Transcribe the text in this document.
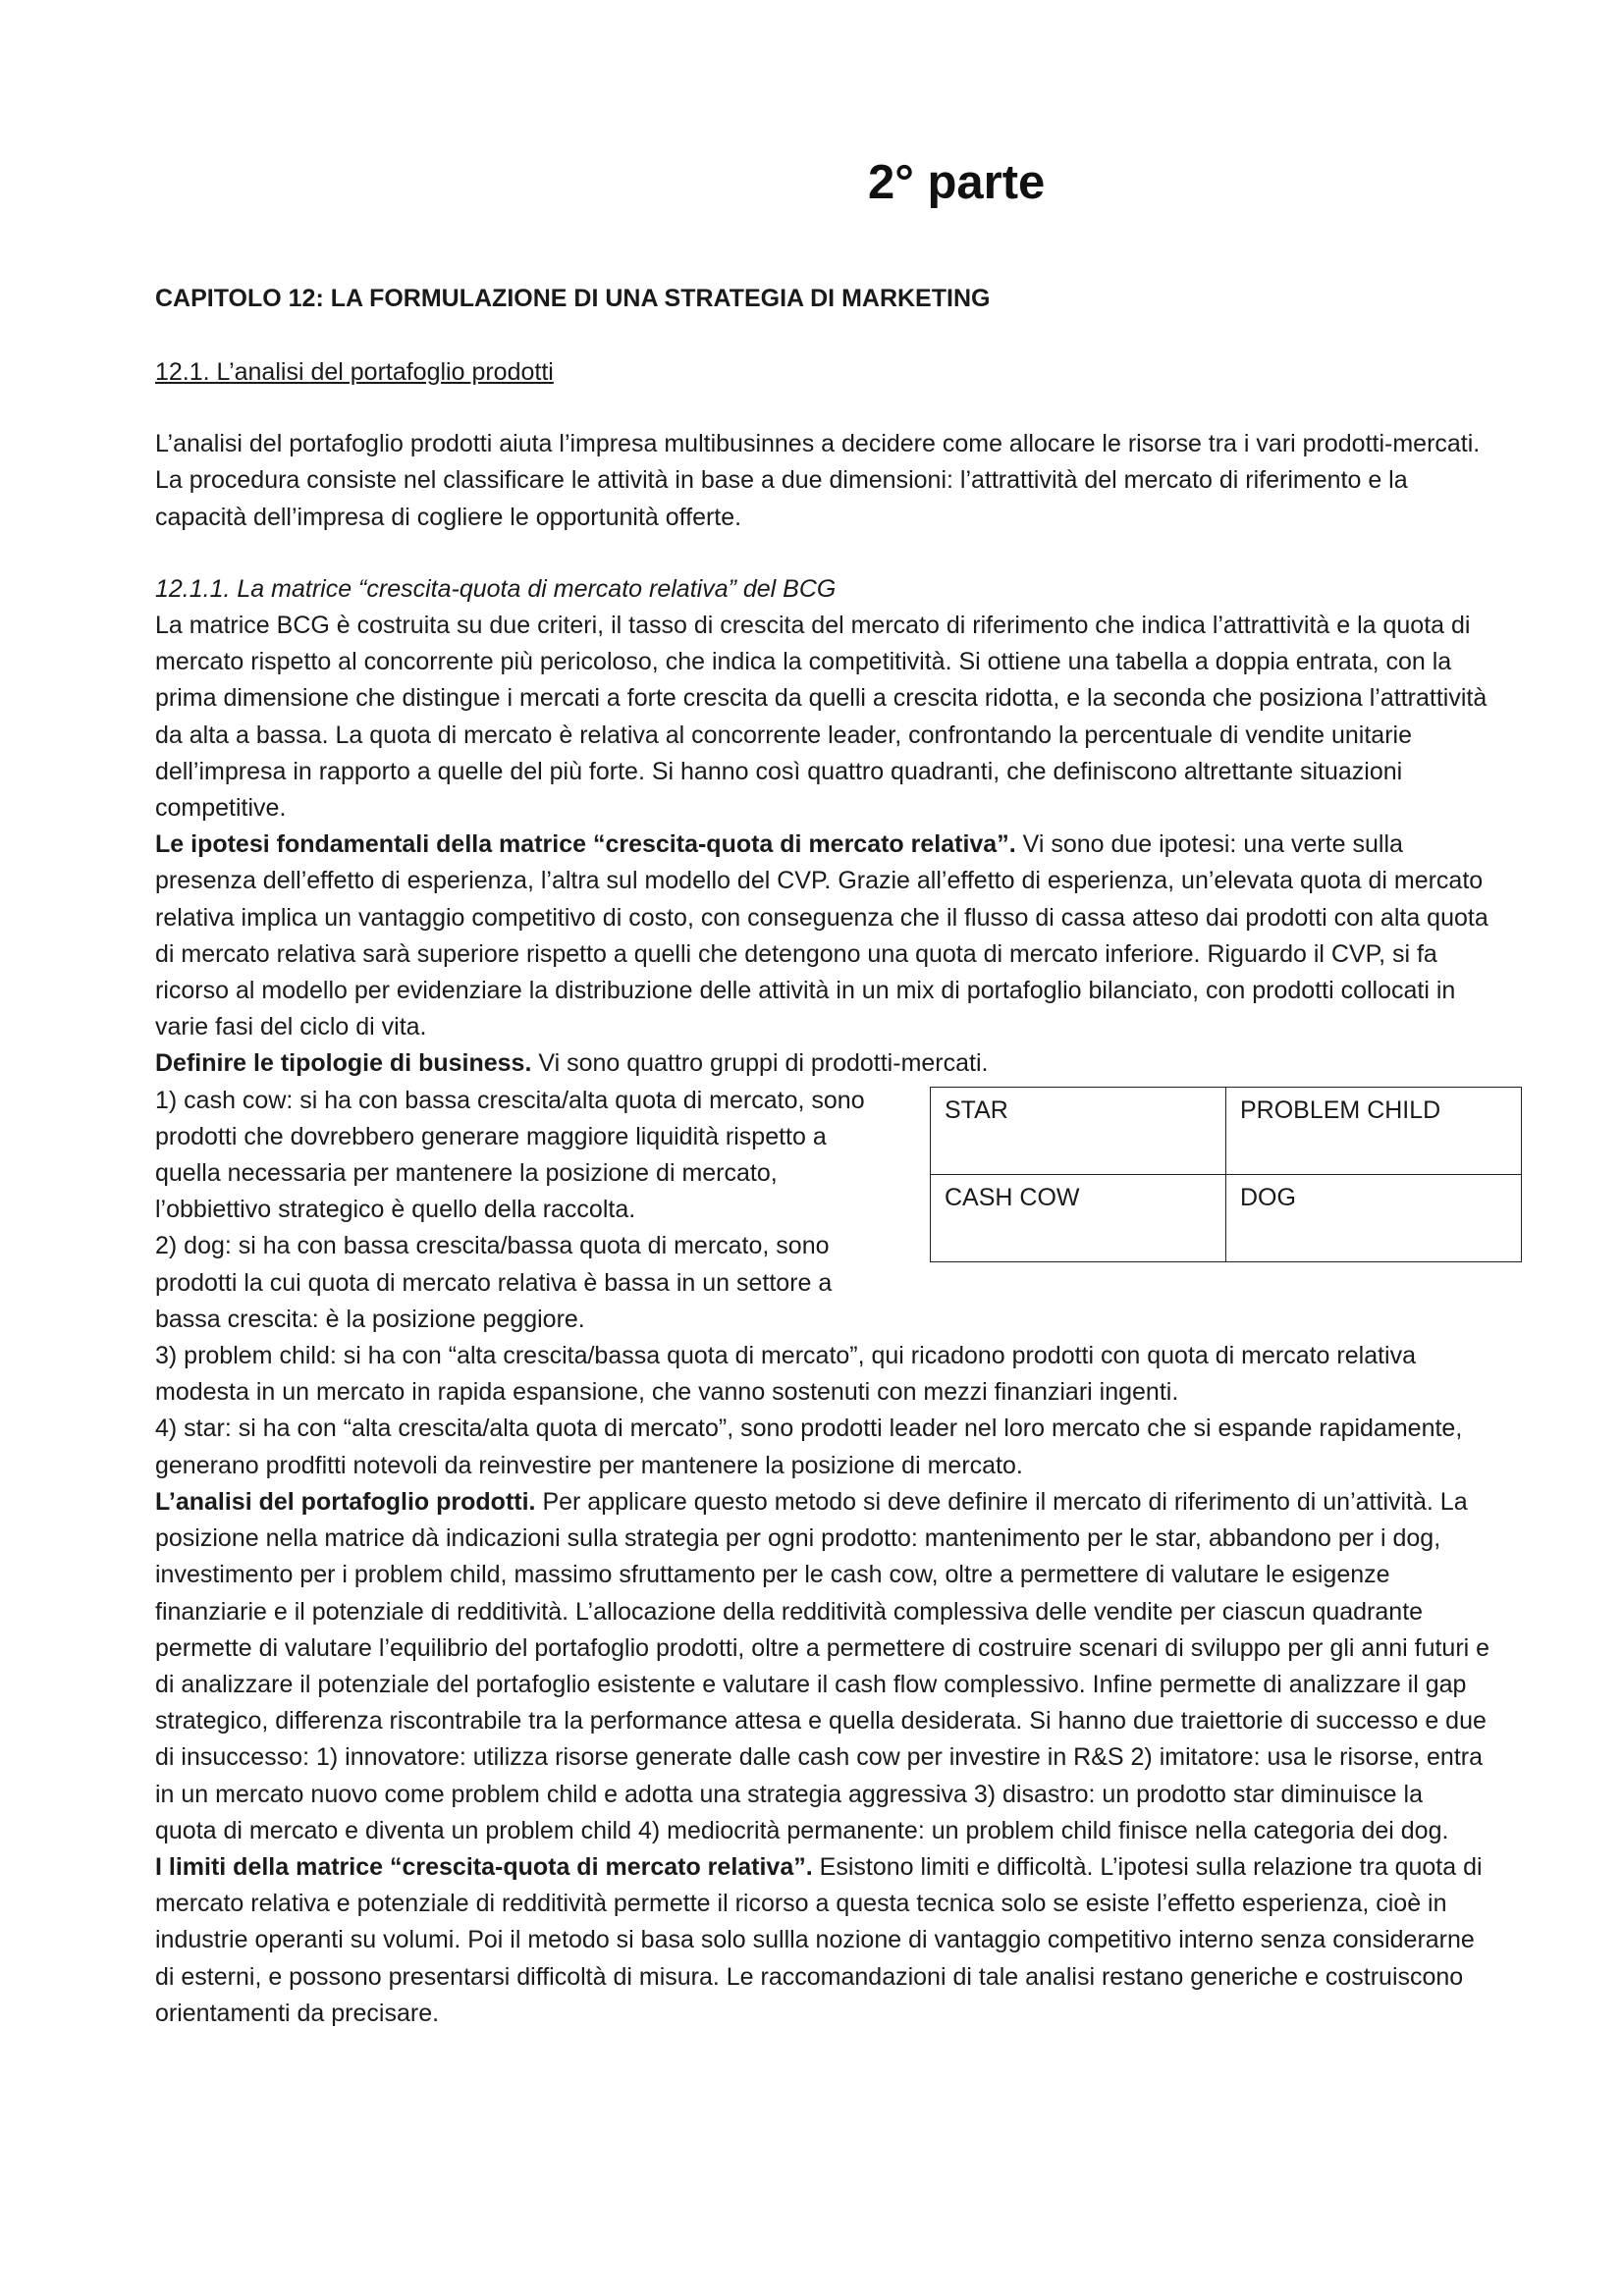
2° parte

CAPITOLO 12: LA FORMULAZIONE DI UNA STRATEGIA DI MARKETING

12.1. L’analisi del portafoglio prodotti

L’analisi del portafoglio prodotti aiuta l’impresa multibusinnes a decidere come allocare le risorse tra i vari prodotti-mercati. La procedura consiste nel classificare le attività in base a due dimensioni: l’attrattività del mercato di riferimento e la capacità dell’impresa di cogliere le opportunità offerte.

12.1.1. La matrice “crescita-quota di mercato relativa” del BCG

La matrice BCG è costruita su due criteri, il tasso di crescita del mercato di riferimento che indica l’attrattività e la quota di mercato rispetto al concorrente più pericoloso, che indica la competitività. Si ottiene una tabella a doppia entrata, con la prima dimensione che distingue i mercati a forte crescita da quelli a crescita ridotta, e la seconda che posiziona l’attrattività da alta a bassa. La quota di mercato è relativa al concorrente leader, confrontando la percentuale di vendite unitarie dell’impresa in rapporto a quelle del più forte. Si hanno così quattro quadranti, che definiscono altrettante situazioni competitive.

Le ipotesi fondamentali della matrice “crescita-quota di mercato relativa”. Vi sono due ipotesi: una verte sulla presenza dell’effetto di esperienza, l’altra sul modello del CVP. Grazie all’effetto di esperienza, un’elevata quota di mercato relativa implica un vantaggio competitivo di costo, con conseguenza che il flusso di cassa atteso dai prodotti con alta quota di mercato relativa sarà superiore rispetto a quelli che detengono una quota di mercato inferiore. Riguardo il CVP, si fa ricorso al modello per evidenziare la distribuzione delle attività in un mix di portafoglio bilanciato, con prodotti collocati in varie fasi del ciclo di vita.

Definire le tipologie di business. Vi sono quattro gruppi di prodotti-mercati.

1) cash cow: si ha con bassa crescita/alta quota di mercato, sono prodotti che dovrebbero generare maggiore liquidità rispetto a quella necessaria per mantenere la posizione di mercato, l’obbiettivo strategico è quello della raccolta.

2) dog: si ha con bassa crescita/bassa quota di mercato, sono prodotti la cui quota di mercato relativa è bassa in un settore a bassa crescita: è la posizione peggiore.

STAR	PROBLEM CHILD
CASH COW	DOG

3) problem child: si ha con “alta crescita/bassa quota di mercato”, qui ricadono prodotti con quota di mercato relativa modesta in un mercato in rapida espansione, che vanno sostenuti con mezzi finanziari ingenti.

4) star: si ha con “alta crescita/alta quota di mercato”, sono prodotti leader nel loro mercato che si espande rapidamente, generano prodfitti notevoli da reinvestire per mantenere la posizione di mercato.

L’analisi del portafoglio prodotti. Per applicare questo metodo si deve definire il mercato di riferimento di un’attività. La posizione nella matrice dà indicazioni sulla strategia per ogni prodotto: mantenimento per le star, abbandono per i dog, investimento per i problem child, massimo sfruttamento per le cash cow, oltre a permettere di valutare le esigenze finanziarie e il potenziale di redditività. L’allocazione della redditività complessiva delle vendite per ciascun quadrante permette di valutare l’equilibrio del portafoglio prodotti, oltre a permettere di costruire scenari di sviluppo per gli anni futuri e di analizzare il potenziale del portafoglio esistente e valutare il cash flow complessivo. Infine permette di analizzare il gap strategico, differenza riscontrabile tra la performance attesa e quella desiderata. Si hanno due traiettorie di successo e due di insuccesso: 1) innovatore: utilizza risorse generate dalle cash cow per investire in R&S 2) imitatore: usa le risorse, entra in un mercato nuovo come problem child e adotta una strategia aggressiva 3) disastro: un prodotto star diminuisce la quota di mercato e diventa un problem child 4) mediocrità permanente: un problem child finisce nella categoria dei dog.

I limiti della matrice “crescita-quota di mercato relativa”. Esistono limiti e difficoltà. L’ipotesi sulla relazione tra quota di mercato relativa e potenziale di redditività permette il ricorso a questa tecnica solo se esiste l’effetto esperienza, cioè in industrie operanti su volumi. Poi il metodo si basa solo sullla nozione di vantaggio competitivo interno senza considerarne di esterni, e possono presentarsi difficoltà di misura. Le raccomandazioni di tale analisi restano generiche e costruiscono orientamenti da precisare.
